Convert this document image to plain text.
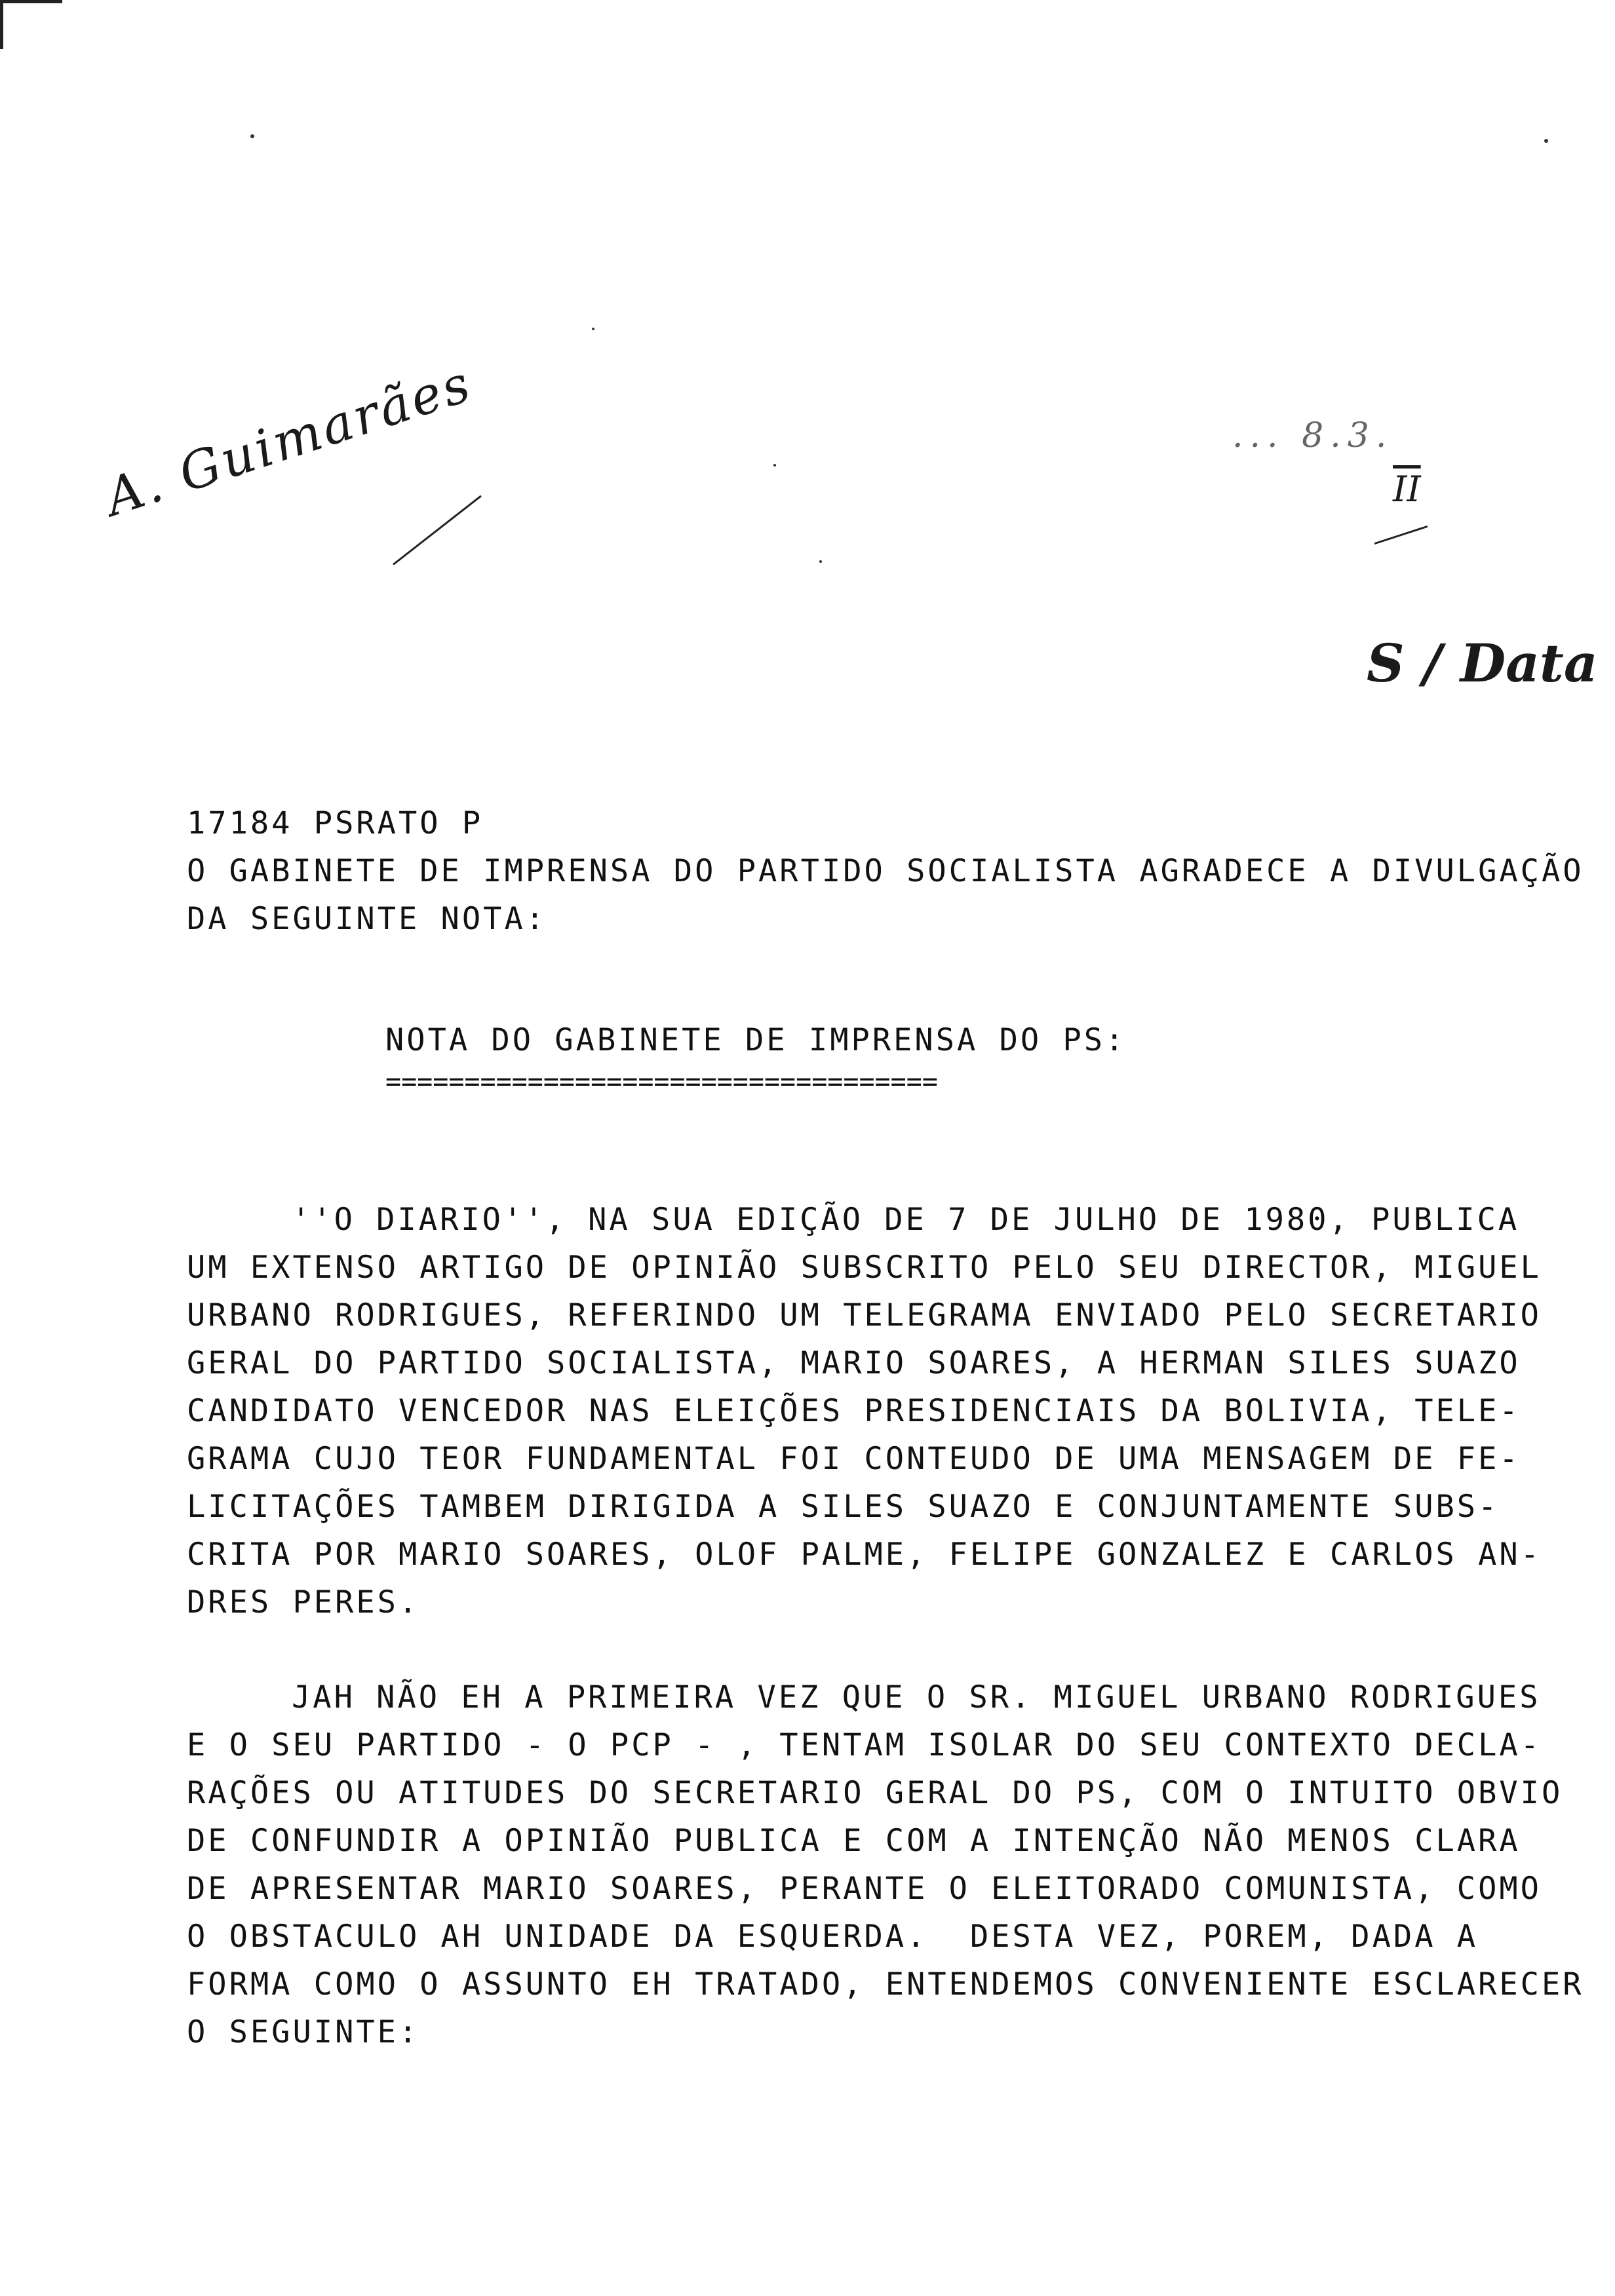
A. Guimarães	... 8.3.
$\overline{II}$
S / Data
17184 PSRATO P
O GABINETE DE IMPRENSA DO PARTIDO SOCIALISTA AGRADECE A DIVULGAÇÃO
DA SEGUINTE NOTA:
NOTA DO GABINETE DE IMPRENSA DO PS:
===================================
''O DIARIO'', NA SUA EDIÇÃO DE 7 DE JULHO DE 1980, PUBLICA
UM EXTENSO ARTIGO DE OPINIÃO SUBSCRITO PELO SEU DIRECTOR, MIGUEL
URBANO RODRIGUES, REFERINDO UM TELEGRAMA ENVIADO PELO SECRETARIO
GERAL DO PARTIDO SOCIALISTA, MARIO SOARES, A HERMAN SILES SUAZO
CANDIDATO VENCEDOR NAS ELEIÇÕES PRESIDENCIAIS DA BOLIVIA, TELE-
GRAMA CUJO TEOR FUNDAMENTAL FOI CONTEUDO DE UMA MENSAGEM DE FE-
LICITAÇÕES TAMBEM DIRIGIDA A SILES SUAZO E CONJUNTAMENTE SUBS-
CRITA POR MARIO SOARES, OLOF PALME, FELIPE GONZALEZ E CARLOS AN-
DRES PERES.
JAH NÃO EH A PRIMEIRA VEZ QUE O SR. MIGUEL URBANO RODRIGUES
E O SEU PARTIDO - O PCP - , TENTAM ISOLAR DO SEU CONTEXTO DECLA-
RAÇÕES OU ATITUDES DO SECRETARIO GERAL DO PS, COM O INTUITO OBVIO
DE CONFUNDIR A OPINIÃO PUBLICA E COM A INTENÇÃO NÃO MENOS CLARA
DE APRESENTAR MARIO SOARES, PERANTE O ELEITORADO COMUNISTA, COMO
O OBSTACULO AH UNIDADE DA ESQUERDA.  DESTA VEZ, POREM, DADA A
FORMA COMO O ASSUNTO EH TRATADO, ENTENDEMOS CONVENIENTE ESCLARECER
O SEGUINTE:
